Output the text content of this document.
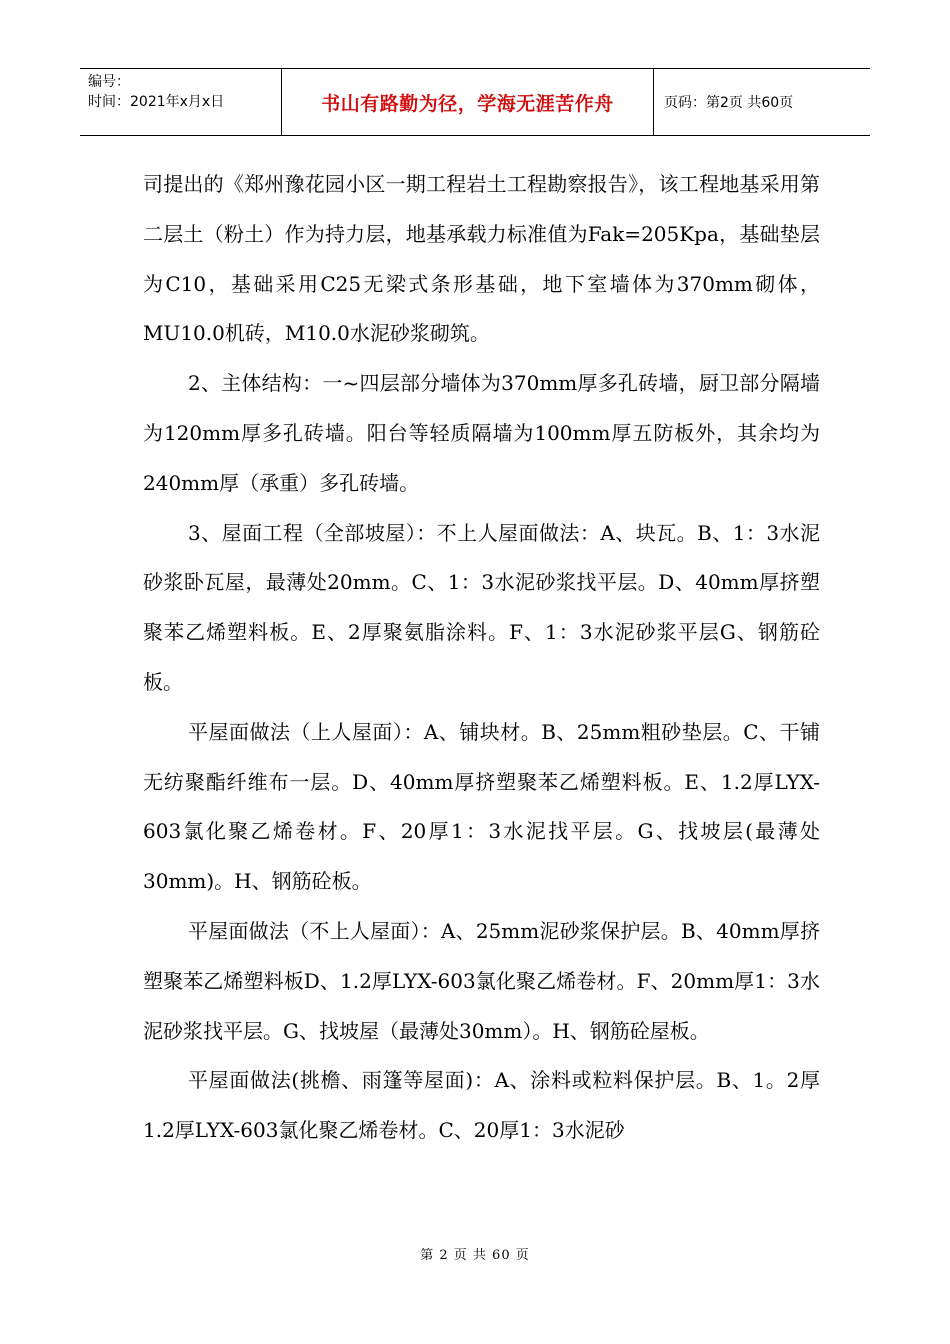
编号：
时间：2021年x月x日	书山有路勤为径，学海无涯苦作舟	页码：第2页 共60页

司提出的《郑州豫花园小区一期工程岩土工程勘察报告》，该工程地基采用第二层土（粉土）作为持力层，地基承载力标准值为Fak=205Kpa，基础垫层为C10，基础采用C25无梁式条形基础，地下室墙体为370mm砌体，MU10.0机砖，M10.0水泥砂浆砌筑。

2、主体结构：一~四层部分墙体为370mm厚多孔砖墙，厨卫部分隔墙为120mm厚多孔砖墙。阳台等轻质隔墙为100mm厚五防板外，其余均为240mm厚（承重）多孔砖墙。

3、屋面工程（全部坡屋）：不上人屋面做法：A、块瓦。B、1：3水泥砂浆卧瓦屋，最薄处20mm。C、1：3水泥砂浆找平层。D、40mm厚挤塑聚苯乙烯塑料板。E、2厚聚氨脂涂料。F、1：3水泥砂浆平层G、钢筋砼板。

平屋面做法（上人屋面）：A、铺块材。B、25mm粗砂垫层。C、干铺无纺聚酯纤维布一层。D、40mm厚挤塑聚苯乙烯塑料板。E、1.2厚LYX-603氯化聚乙烯卷材。F、20厚1：3水泥找平层。G、找坡层(最薄处30mm)。H、钢筋砼板。

平屋面做法（不上人屋面）：A、25mm泥砂浆保护层。B、40mm厚挤塑聚苯乙烯塑料板D、1.2厚LYX-603氯化聚乙烯卷材。F、20mm厚1：3水泥砂浆找平层。G、找坡屋（最薄处30mm）。H、钢筋砼屋板。

平屋面做法(挑檐、雨篷等屋面)：A、涂料或粒料保护层。B、1。2厚1.2厚LYX-603氯化聚乙烯卷材。C、20厚1：3水泥砂

第 2 页 共 60 页
